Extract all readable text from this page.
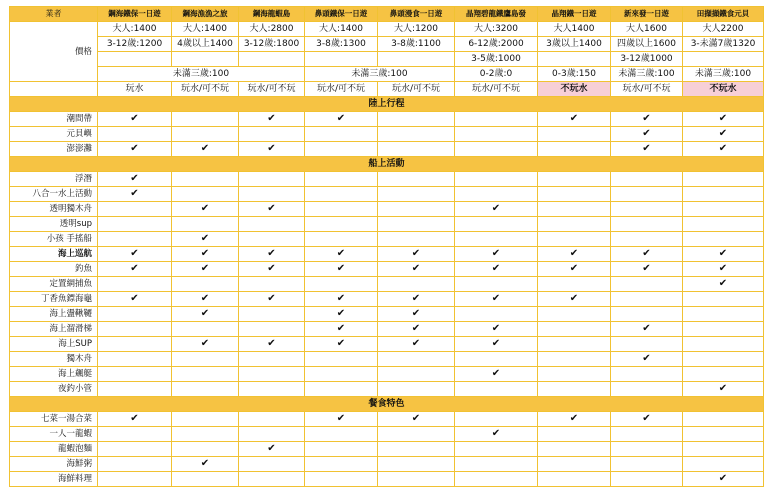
業者	鋼海鐵保一日遊	鋼海漁漁之旅	鋼海龍蝦島	鼻頭鐵保一日遊	鼻頭漫食一日遊	晶翔碧龍鐵鷹島發	晶翔鐵一日遊	新來發一日遊	田擷擷鐵食元貝
價格	大人:1400	大人:1400	大人:2800	大人:1400	大人:1200	大人:3200	大人1400	大人1600	大人2200
	3-12歲:1200	4歲以上1400	3-12歲:1800	3-8歲:1300	3-8歲:1100	6-12歲:2000	3歲以上1400	四歲以上1600	3-未滿7歲1320
						3-5歲:1000		3-12歲1000	
	未滿三歲:100			未滿三歲:100		0-2歲:0	0-3歲:150	未滿三歲:100	未滿三歲:100
	玩水	玩水/可不玩	玩水/可不玩	玩水/可不玩	玩水/可不玩	玩水/可不玩	不玩水	玩水/可不玩	不玩水
陸上行程									
潮間帶	✔		✔	✔			✔	✔	✔
元貝嶼								✔	✔
澎澎灘	✔	✔	✔					✔	✔
船上活動									
浮潛	✔								
八合一水上活動	✔								
透明獨木舟		✔	✔			✔			
透明sup									
小孩 手搖船		✔							
海上巡航	✔	✔	✔	✔	✔	✔	✔	✔	✔
釣魚	✔	✔	✔	✔	✔	✔	✔	✔	✔
定置網捕魚									✔
丁香魚鏢海龜	✔	✔	✔	✔	✔	✔	✔		
海上盪鞦韆		✔		✔	✔				
海上溜滑梯				✔	✔	✔		✔	
海上SUP		✔	✔	✔	✔	✔			
獨木舟								✔	
海上飆艇						✔			
夜釣小管									✔
餐食特色									
七菜一湯合菜	✔			✔	✔		✔	✔	
一人一龍蝦						✔			
龍蝦泡麵			✔						
海鮮粥		✔							
海鮮料理									✔
